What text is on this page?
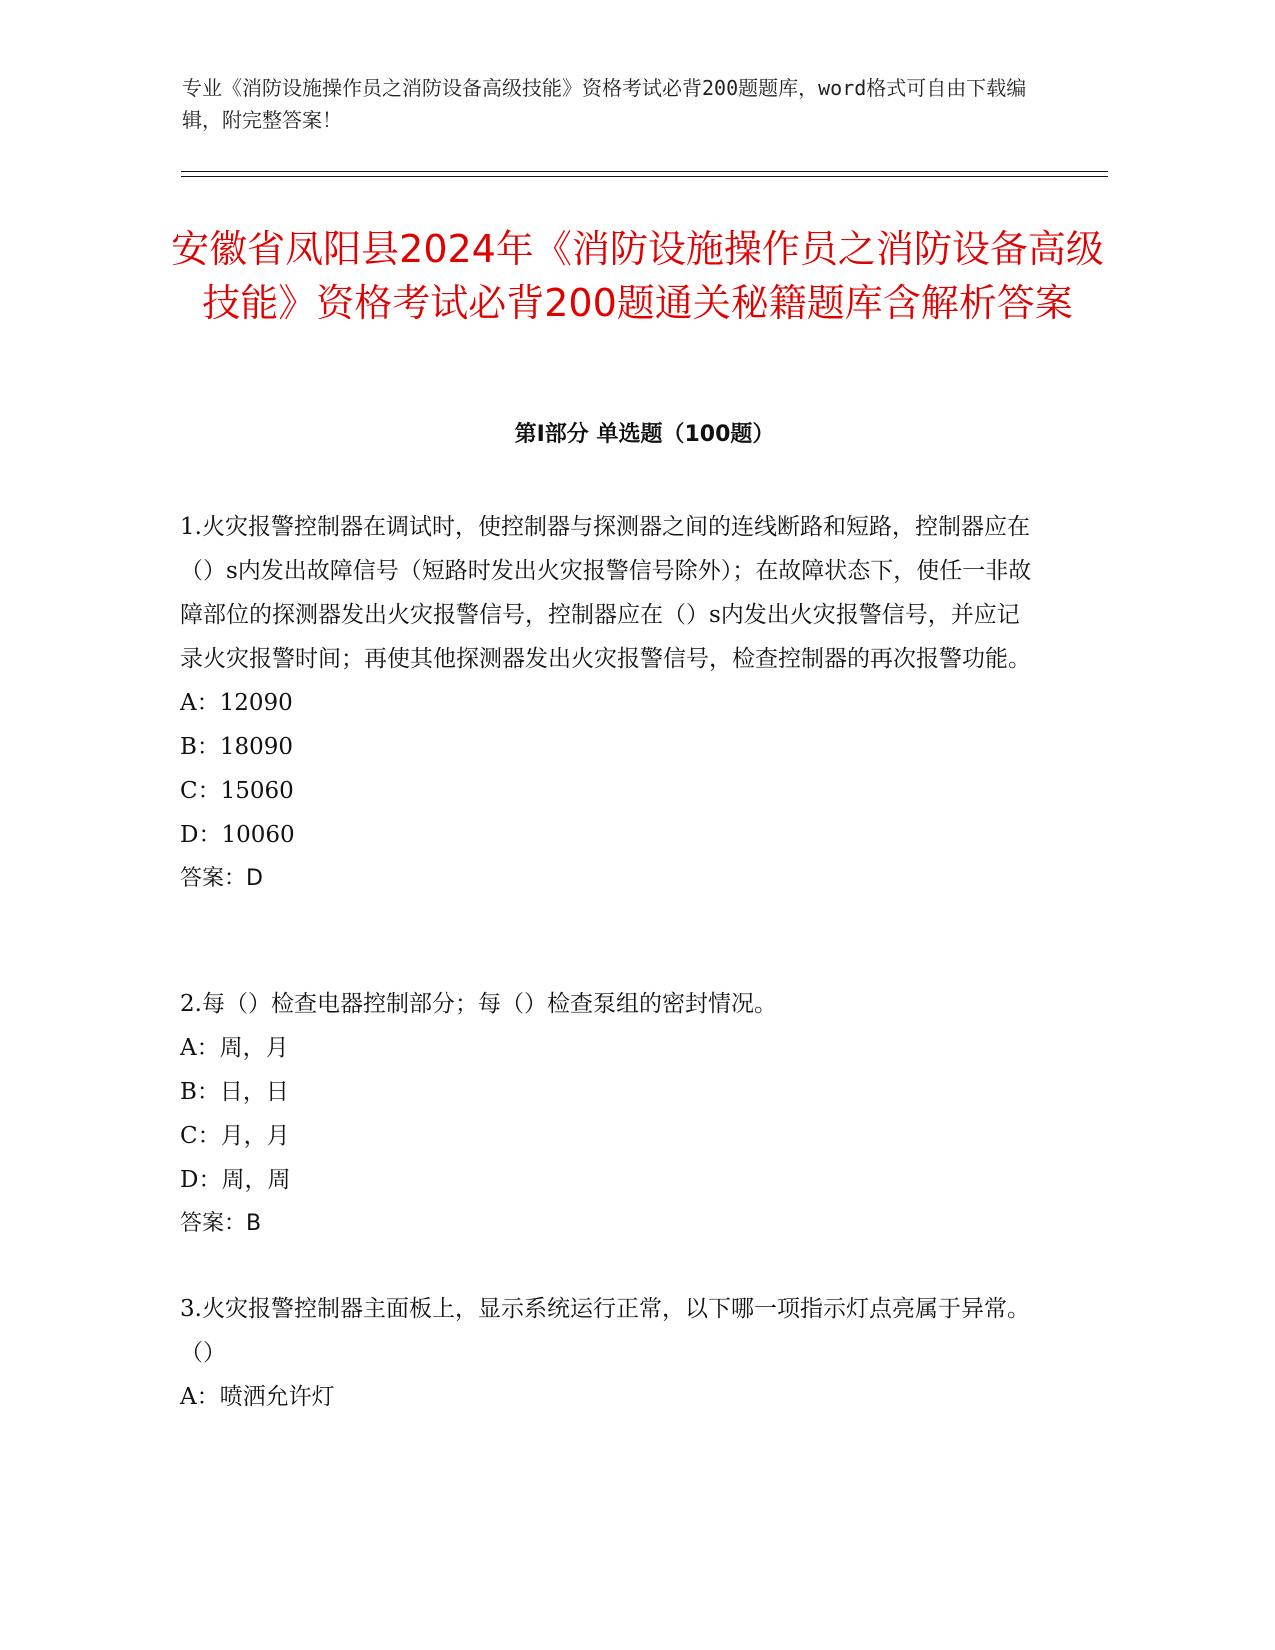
专业《消防设施操作员之消防设备高级技能》资格考试必背200题题库，word格式可自由下载编辑，附完整答案！
安徽省凤阳县2024年《消防设施操作员之消防设备高级技能》资格考试必背200题通关秘籍题库含解析答案
第Ⅰ部分 单选题（100题）
1.火灾报警控制器在调试时，使控制器与探测器之间的连线断路和短路，控制器应在（）s内发出故障信号（短路时发出火灾报警信号除外）；在故障状态下，使任一非故障部位的探测器发出火灾报警信号，控制器应在（）s内发出火灾报警信号，并应记录火灾报警时间；再使其他探测器发出火灾报警信号，检查控制器的再次报警功能。
A：12090
B：18090
C：15060
D：10060
答案：D
2.每（）检查电器控制部分；每（）检查泵组的密封情况。
A：周，月
B：日，日
C：月，月
D：周，周
答案：B
3.火灾报警控制器主面板上，显示系统运行正常，以下哪一项指示灯点亮属于异常。（）
A：喷洒允许灯
